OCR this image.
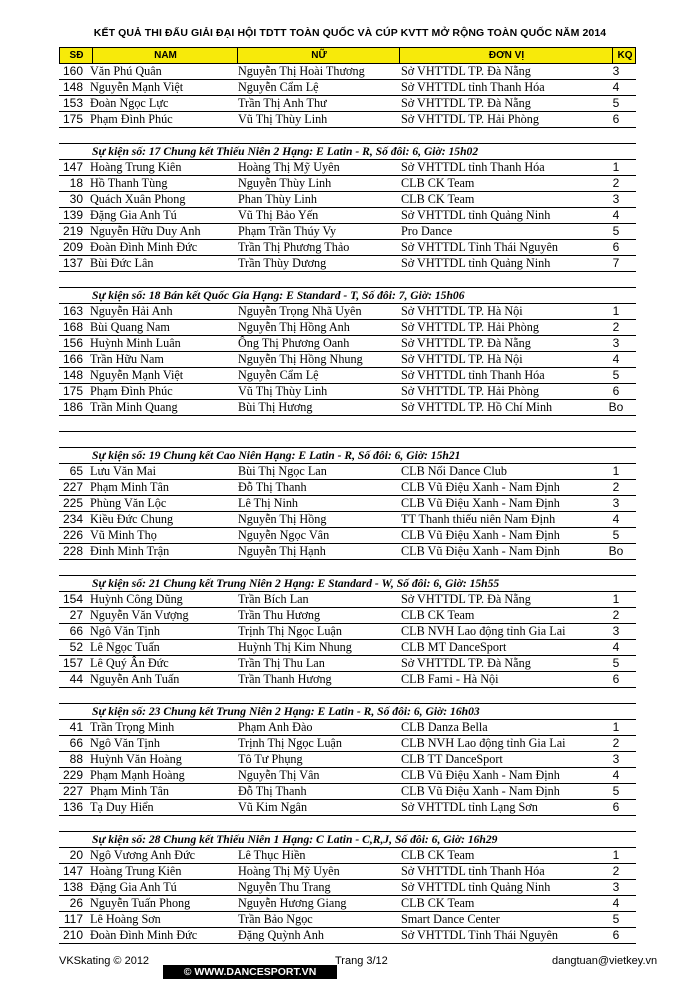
KẾT QUẢ THI ĐẤU GIẢI ĐẠI HỘI TDTT TOÀN QUỐC VÀ CÚP KVTT MỞ RỘNG TOÀN QUỐC NĂM 2014
SĐ	NAM	NỮ	ĐƠN VỊ	KQ
160 Văn Phú Quân	Nguyễn Thị Hoài Thương	Sở VHTTDL TP. Đà Nẵng	3
148 Nguyễn Mạnh Việt	Nguyễn Cẩm Lệ	Sở VHTTDL tỉnh Thanh Hóa	4
153 Đoàn Ngọc Lực	Trần Thị Anh Thư	Sở VHTTDL TP. Đà Nẵng	5
175 Phạm Đình Phúc	Vũ Thị Thùy Linh	Sở VHTTDL TP. Hải Phòng	6
Sự kiện số: 17 Chung kết Thiếu Niên 2 Hạng: E Latin - R, Số đôi: 6, Giờ: 15h02
147 Hoàng Trung Kiên	Hoàng Thị Mỹ Uyên	Sở VHTTDL tỉnh Thanh Hóa	1
18 Hồ Thanh Tùng	Nguyễn Thùy Linh	CLB CK Team	2
30 Quách Xuân Phong	Phan Thùy Linh	CLB CK Team	3
139 Đặng Gia Anh Tú	Vũ Thị Bảo Yến	Sở VHTTDL tỉnh Quảng Ninh	4
219 Nguyễn Hữu Duy Anh	Phạm Trần Thúy Vy	Pro Dance	5
209 Đoàn Đình Minh Đức	Trần Thị Phương Thảo	Sở VHTTDL Tỉnh Thái Nguyên	6
137 Bùi Đức Lân	Trần Thùy Dương	Sở VHTTDL tỉnh Quảng Ninh	7
Sự kiện số: 18 Bán kết Quốc Gia Hạng: E Standard - T, Số đôi: 7, Giờ: 15h06
163 Nguyễn Hải Anh	Nguyễn Trọng Nhã Uyên	Sở VHTTDL TP. Hà Nội	1
168 Bùi Quang Nam	Nguyễn Thị Hồng Anh	Sở VHTTDL TP. Hải Phòng	2
156 Huỳnh Minh Luân	Ông Thị Phương Oanh	Sở VHTTDL TP. Đà Nẵng	3
166 Trần Hữu Nam	Nguyễn Thị Hồng Nhung	Sở VHTTDL TP. Hà Nội	4
148 Nguyễn Mạnh Việt	Nguyễn Cẩm Lệ	Sở VHTTDL tỉnh Thanh Hóa	5
175 Phạm Đình Phúc	Vũ Thị Thùy Linh	Sở VHTTDL TP. Hải Phòng	6
186 Trần Minh Quang	Bùi Thị Hương	Sở VHTTDL TP. Hồ Chí Minh	Bo
Sự kiện số: 19 Chung kết Cao Niên Hạng: E Latin - R, Số đôi: 6, Giờ: 15h21
65 Lưu Văn Mai	Bùi Thị Ngọc Lan	CLB Nối Dance Club	1
227 Phạm Minh Tân	Đỗ Thị Thanh	CLB Vũ Điệu Xanh - Nam Định	2
225 Phùng Văn Lộc	Lê Thị Ninh	CLB Vũ Điệu Xanh - Nam Định	3
234 Kiều Đức Chung	Nguyễn Thị Hồng	TT Thanh thiếu niên Nam Định	4
226 Vũ Minh Thọ	Nguyễn Ngọc Vân	CLB Vũ Điệu Xanh - Nam Định	5
228 Đinh Minh Trận	Nguyễn Thị Hạnh	CLB Vũ Điệu Xanh - Nam Định	Bo
Sự kiện số: 21 Chung kết Trung Niên 2 Hạng: E Standard - W, Số đôi: 6, Giờ: 15h55
154 Huỳnh Công Dũng	Trần Bích Lan	Sở VHTTDL TP. Đà Nẵng	1
27 Nguyễn Văn Vượng	Trần Thu Hương	CLB CK Team	2
66 Ngô Văn Tịnh	Trịnh Thị Ngọc Luận	CLB NVH Lao động tỉnh Gia Lai	3
52 Lê Ngọc Tuấn	Huỳnh Thị Kim Nhung	CLB MT DanceSport	4
157 Lê Quý Ân Đức	Trần Thị Thu Lan	Sở VHTTDL TP. Đà Nẵng	5
44 Nguyễn Anh Tuấn	Trần Thanh Hương	CLB Fami - Hà Nội	6
Sự kiện số: 23 Chung kết Trung Niên 2 Hạng: E Latin - R, Số đôi: 6, Giờ: 16h03
41 Trần Trọng Minh	Phạm Anh Đào	CLB Danza Bella	1
66 Ngô Văn Tịnh	Trịnh Thị Ngọc Luận	CLB NVH Lao động tỉnh Gia Lai	2
88 Huỳnh Văn Hoàng	Tô Tư Phụng	CLB TT DanceSport	3
229 Phạm Mạnh Hoàng	Nguyễn Thị Vân	CLB Vũ Điệu Xanh - Nam Định	4
227 Phạm Minh Tân	Đỗ Thị Thanh	CLB Vũ Điệu Xanh - Nam Định	5
136 Tạ Duy Hiển	Vũ Kim Ngân	Sở VHTTDL tỉnh Lạng Sơn	6
Sự kiện số: 28 Chung kết Thiếu Niên 1 Hạng: C Latin - C,R,J, Số đôi: 6, Giờ: 16h29
20 Ngô Vương Anh Đức	Lê Thục Hiền	CLB CK Team	1
147 Hoàng Trung Kiên	Hoàng Thị Mỹ Uyên	Sở VHTTDL tỉnh Thanh Hóa	2
138 Đặng Gia Anh Tú	Nguyễn Thu Trang	Sở VHTTDL tỉnh Quảng Ninh	3
26 Nguyễn Tuấn Phong	Nguyễn Hương Giang	CLB CK Team	4
117 Lê Hoàng Sơn	Trần Bảo Ngọc	Smart Dance Center	5
210 Đoàn Đình Minh Đức	Đặng Quỳnh Anh	Sở VHTTDL Tỉnh Thái Nguyên	6
VKSkating © 2012
© WWW.DANCESPORT.VN
Trang 3/12	dangtuan@vietkey.vn
